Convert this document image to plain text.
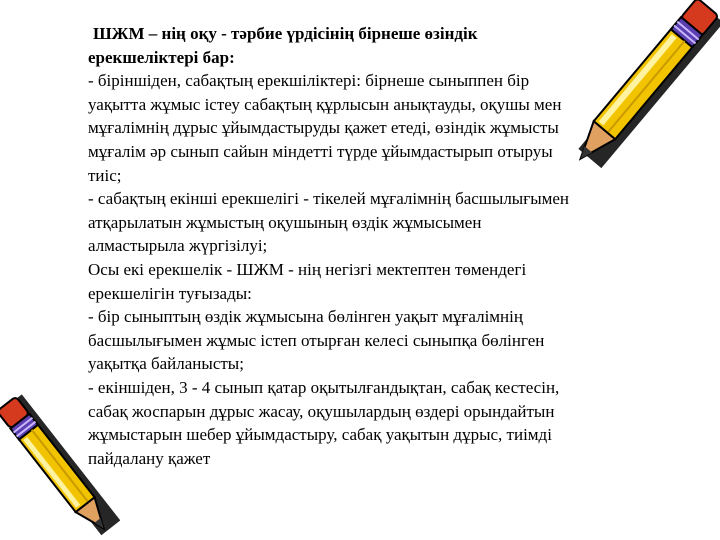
ШЖМ – нің оқу - тәрбие үрдісінің бірнеше өзіндік
ерекшеліктері бар:
- біріншіден, сабақтың ерекшіліктері: бірнеше сыныппен бір
уақытта жұмыс істеу сабақтың құрлысын анықтауды, оқушы мен
мұғалімнің дұрыс ұйымдастыруды қажет етеді, өзіндік жұмысты
мұғалім әр сынып сайын міндетті түрде ұйымдастырып отыруы
тиіс;
- сабақтың екінші ерекшелігі - тікелей мұғалімнің басшылығымен
атқарылатын жұмыстың оқушының өздік жұмысымен
алмастырыла жүргізілуі;
Осы екі ерекшелік - ШЖМ - нің негізгі мектептен төмендегі
ерекшелігін туғызады:
- бір сыныптың өздік жұмысына бөлінген уақыт мұғалімнің
басшылығымен жұмыс істеп отырған келесі сыныпқа бөлінген
уақытқа байланысты;
- екіншіден, 3 - 4 сынып қатар оқытылғандықтан, сабақ кестесін,
сабақ жоспарын дұрыс жасау, оқушылардың өздері орындайтын
жұмыстарын шебер ұйымдастыру, сабақ уақытын дұрыс, тиімді
пайдалану қажет
